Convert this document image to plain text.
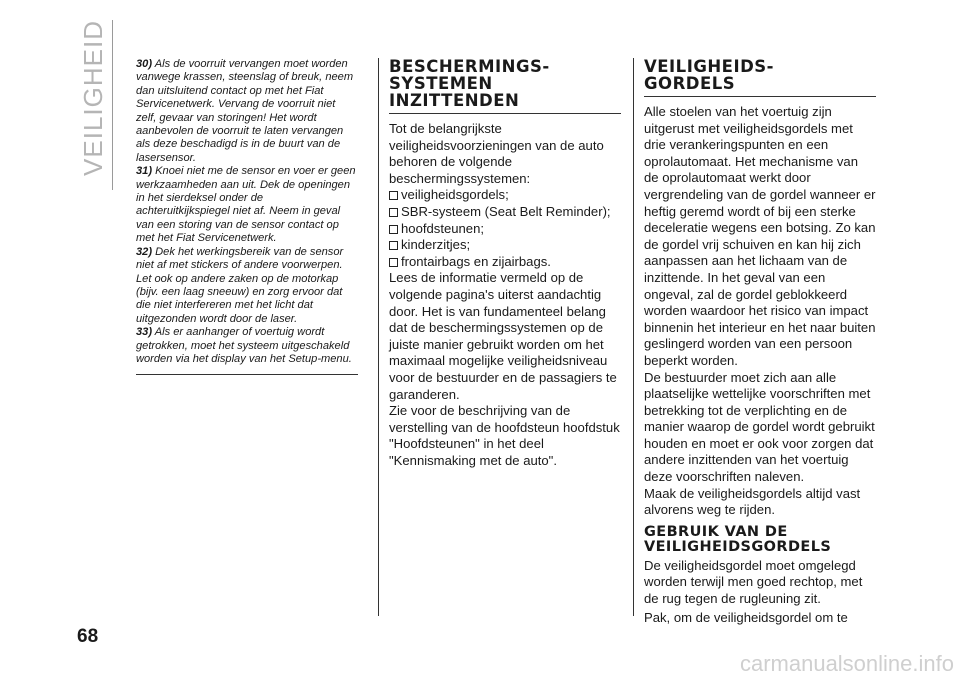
VEILIGHEID	30) Als de voorruit vervangen moet worden vanwege krassen, steenslag of breuk, neem dan uitsluitend contact op met het Fiat Servicenetwerk. Vervang de voorruit niet zelf, gevaar van storingen! Het wordt aanbevolen de voorruit te laten vervangen als deze beschadigd is in de buurt van de lasersensor.
31) Knoei niet me de sensor en voer er geen werkzaamheden aan uit. Dek de openingen in het sierdeksel onder de achteruitkijkspiegel niet af. Neem in geval van een storing van de sensor contact op met het Fiat Servicenetwerk.
32) Dek het werkingsbereik van de sensor niet af met stickers of andere voorwerpen. Let ook op andere zaken op de motorkap (bijv. een laag sneeuw) en zorg ervoor dat die niet interfereren met het licht dat uitgezonden wordt door de laser.
33) Als er aanhanger of voertuig wordt getrokken, moet het systeem uitgeschakeld worden via het display van het Setup-menu.
BESCHERMINGS-
SYSTEMEN
INZITTENDEN

Tot de belangrijkste veiligheidsvoorzieningen van de auto behoren de volgende beschermingssystemen:

veiligheidsgordels;
SBR-systeem (Seat Belt Reminder);
hoofdsteunen;
kinderzitjes;
frontairbags en zijairbags.

Lees de informatie vermeld op de volgende pagina's uiterst aandachtig door. Het is van fundamenteel belang dat de beschermingssystemen op de juiste manier gebruikt worden om het maximaal mogelijke veiligheidsniveau voor de bestuurder en de passagiers te garanderen.

Zie voor de beschrijving van de verstelling van de hoofdsteun hoofdstuk "Hoofdsteunen" in het deel "Kennismaking met de auto".

VEILIGHEIDS-
GORDELS

Alle stoelen van het voertuig zijn uitgerust met veiligheidsgordels met drie verankeringspunten en een oprolautomaat. Het mechanisme van de oprolautomaat werkt door vergrendeling van de gordel wanneer er heftig geremd wordt of bij een sterke deceleratie wegens een botsing. Zo kan de gordel vrij schuiven en kan hij zich aanpassen aan het lichaam van de inzittende. In het geval van een ongeval, zal de gordel geblokkeerd worden waardoor het risico van impact binnenin het interieur en het naar buiten geslingerd worden van een persoon beperkt worden.

De bestuurder moet zich aan alle plaatselijke wettelijke voorschriften met betrekking tot de verplichting en de manier waarop de gordel wordt gebruikt houden en moet er ook voor zorgen dat andere inzittenden van het voertuig deze voorschriften naleven.

Maak de veiligheidsgordels altijd vast alvorens weg te rijden.

GEBRUIK VAN DE
VEILIGHEIDSGORDELS

De veiligheidsgordel moet omgelegd worden terwijl men goed rechtop, met de rug tegen de rugleuning zit.

Pak, om de veiligheidsgordel om te

68
carmanualsonline.info
